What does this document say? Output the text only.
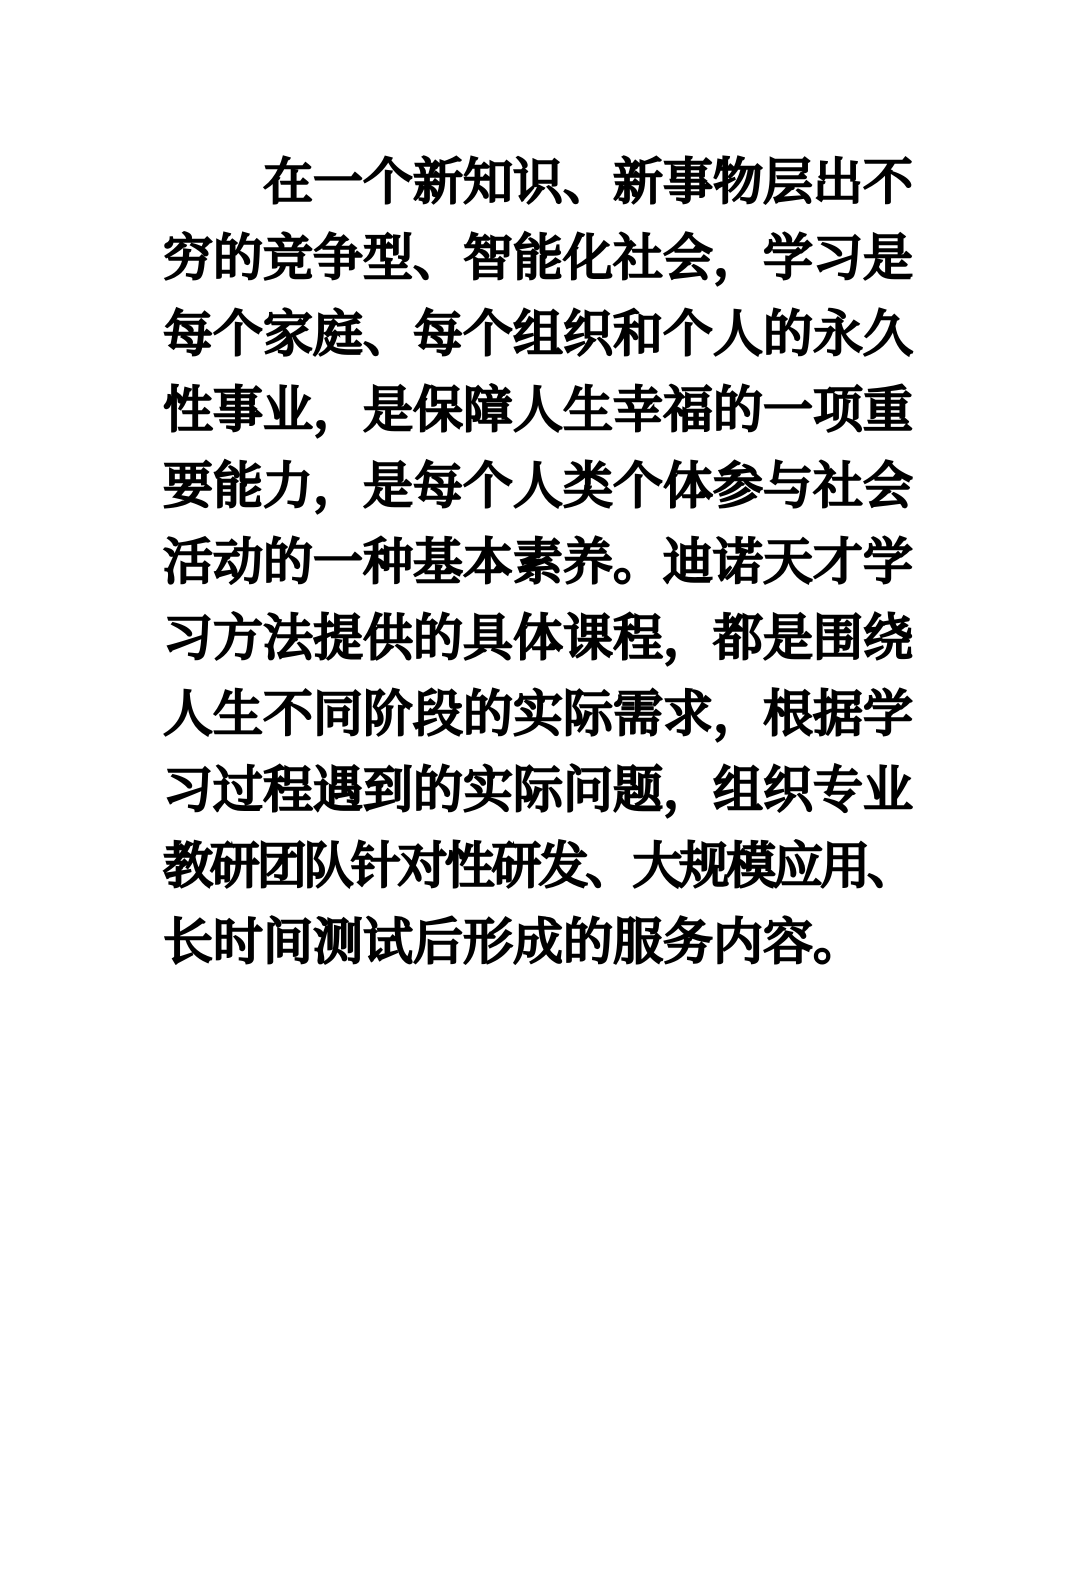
在一个新知识、新事物层出不
穷的竞争型、智能化社会，学习是
每个家庭、每个组织和个人的永久
性事业，是保障人生幸福的一项重
要能力，是每个人类个体参与社会
活动的一种基本素养。迪诺天才学
习方法提供的具体课程，都是围绕
人生不同阶段的实际需求，根据学
习过程遇到的实际问题，组织专业
教研团队针对性研发、大规模应用、
长时间测试后形成的服务内容。
